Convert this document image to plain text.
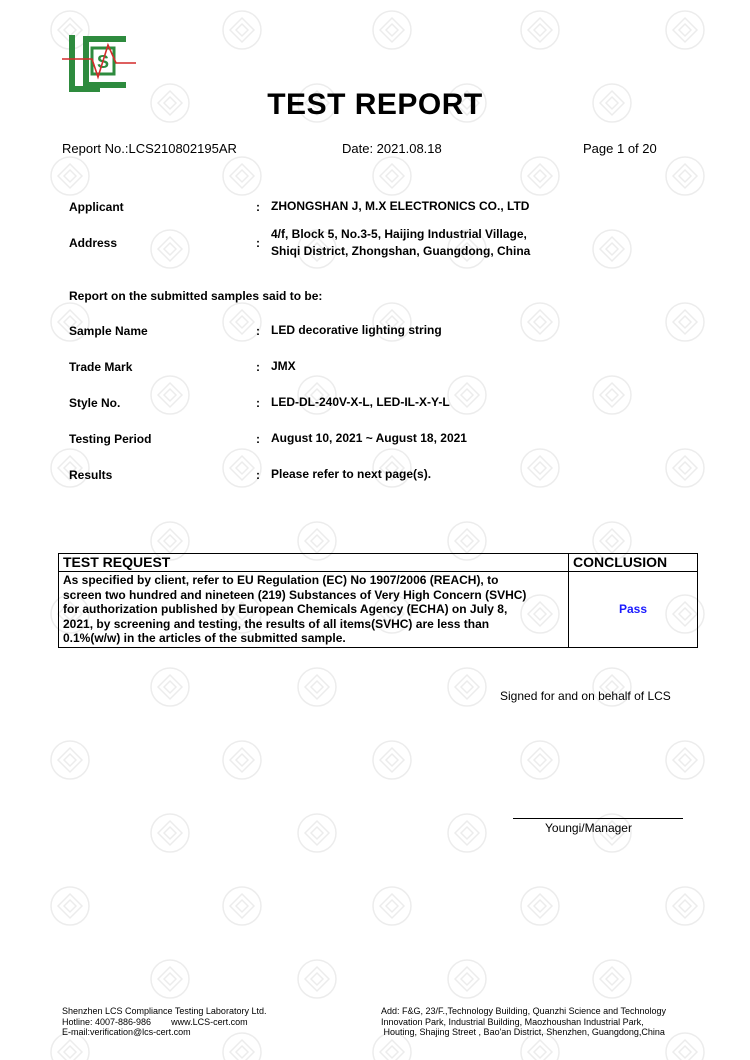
S
TEST REPORT
Report No.:LCS210802195AR	Date: 2021.08.18	Page 1 of 20
Applicant	: ZHONGSHAN J, M.X ELECTRONICS CO., LTD
Address	:
4/f, Block 5, No.3-5, Haijing Industrial Village,
Shiqi District, Zhongshan, Guangdong, China
Report on the submitted samples said to be:
Sample Name	: LED decorative lighting string
Trade Mark	: JMX
Style No.	: LED-DL-240V-X-L, LED-IL-X-Y-L
Testing Period	: August 10, 2021 ~ August 18, 2021
Results	: Please refer to next page(s).
TEST REQUEST	CONCLUSION

As specified by client, refer to EU Regulation (EC) No 1907/2006 (REACH), to
screen two hundred and nineteen (219) Substances of Very High Concern (SVHC)
for authorization published by European Chemicals Agency (ECHA) on July 8,
2021, by screening and testing, the results of all items(SVHC) are less than
0.1%(w/w) in the articles of the submitted sample.	Pass
Signed for and on behalf of LCS
Youngi/Manager
Shenzhen LCS Compliance Testing Laboratory Ltd.
Hotline: 4007-886-986        www.LCS-cert.com
E-mail:verification@lcs-cert.com
Add: F&G, 23/F.,Technology Building, Quanzhi Science and Technology
Innovation Park, Industrial Building, Maozhoushan Industrial Park,
Houting, Shajing Street , Bao'an District, Shenzhen, Guangdong,China
